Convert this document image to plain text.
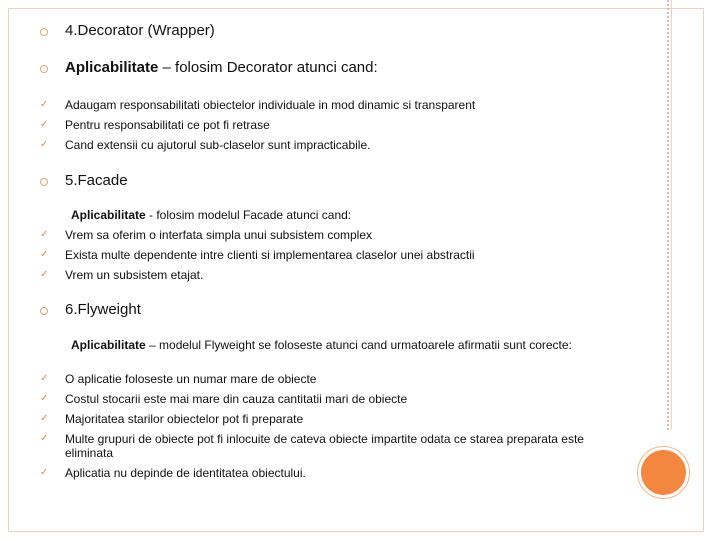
4.Decorator (Wrapper)
Aplicabilitate – folosim Decorator atunci cand:
✓ Adaugam responsabilitati obiectelor individuale in mod dinamic si transparent
✓ Pentru responsabilitati ce pot fi retrase
✓ Cand extensii cu ajutorul sub-claselor sunt impracticabile.
5.Facade
Aplicabilitate - folosim modelul Facade atunci cand:
✓ Vrem sa oferim o interfata simpla unui subsistem complex
✓ Exista multe dependente intre clienti si implementarea claselor unei abstractii
✓ Vrem un subsistem etajat.
6.Flyweight
Aplicabilitate – modelul Flyweight se foloseste atunci cand urmatoarele afirmatii sunt corecte:
✓ O aplicatie foloseste un numar mare de obiecte
✓ Costul stocarii este mai mare din cauza cantitatii mari de obiecte
✓ Majoritatea starilor obiectelor pot fi preparate
✓ Multe grupuri de obiecte pot fi inlocuite de cateva obiecte impartite odata ce starea preparata este
eliminata
✓ Aplicatia nu depinde de identitatea obiectului.
